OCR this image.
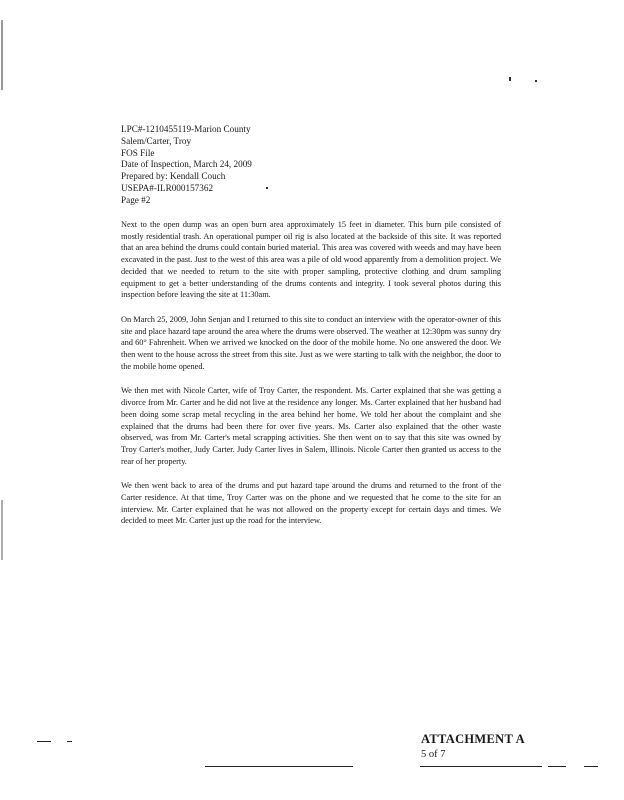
LPC#-1210455119-Marion County
Salem/Carter, Troy
FOS File
Date of Inspection, March 24, 2009
Prepared by: Kendall Couch
USEPA#-ILR000157362
Page #2

Next to the open dump was an open burn area approximately 15 feet in diameter. This burn pile consisted of mostly residential trash. An operational pumper oil rig is also located at the backside of this site. It was reported that an area behind the drums could contain buried material. This area was covered with weeds and may have been excavated in the past. Just to the west of this area was a pile of old wood apparently from a demolition project. We decided that we needed to return to the site with proper sampling, protective clothing and drum sampling equipment to get a better understanding of the drums contents and integrity. I took several photos during this inspection before leaving the site at 11:30am.

On March 25, 2009, John Senjan and I returned to this site to conduct an interview with the operator-owner of this site and place hazard tape around the area where the drums were observed. The weather at 12:30pm was sunny dry and 60° Fahrenheit. When we arrived we knocked on the door of the mobile home. No one answered the door. We then went to the house across the street from this site. Just as we were starting to talk with the neighbor, the door to the mobile home opened.

We then met with Nicole Carter, wife of Troy Carter, the respondent. Ms. Carter explained that she was getting a divorce from Mr. Carter and he did not live at the residence any longer. Ms. Carter explained that her husband had been doing some scrap metal recycling in the area behind her home. We told her about the complaint and she explained that the drums had been there for over five years. Ms. Carter also explained that the other waste observed, was from Mr. Carter's metal scrapping activities. She then went on to say that this site was owned by Troy Carter's mother, Judy Carter. Judy Carter lives in Salem, Illinois. Nicole Carter then granted us access to the rear of her property.

We then went back to area of the drums and put hazard tape around the drums and returned to the front of the Carter residence. At that time, Troy Carter was on the phone and we requested that he come to the site for an interview. Mr. Carter explained that he was not allowed on the property except for certain days and times. We decided to meet Mr. Carter just up the road for the interview.

ATTACHMENT A
5 of 7
